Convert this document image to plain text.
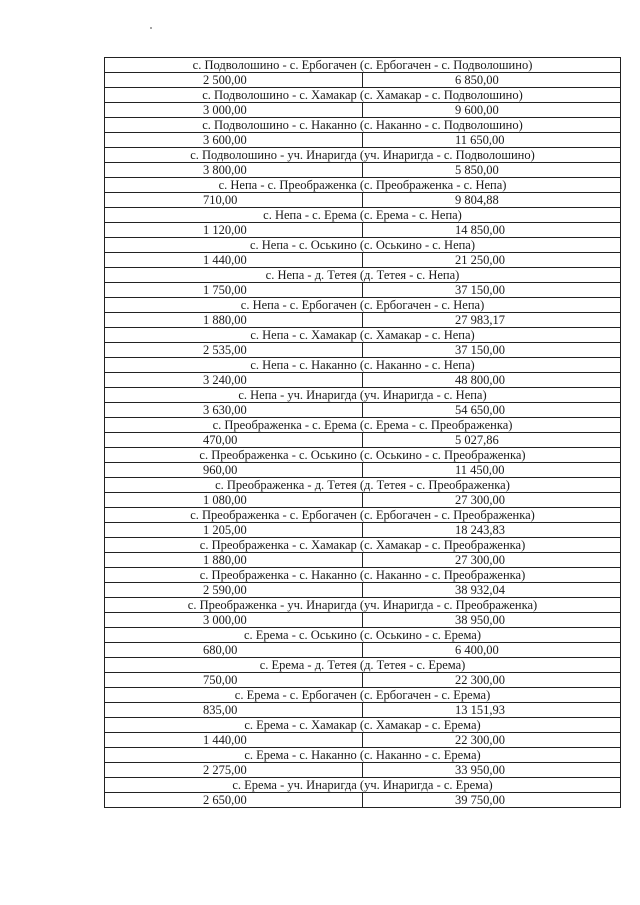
с. Подволошино - с. Ербогачен (с. Ербогачен - с. Подволошино)	
2 500,00	6 850,00
с. Подволошино - с. Хамакар (с. Хамакар - с. Подволошино)	
3 000,00	9 600,00
с. Подволошино - с. Наканно (с. Наканно - с. Подволошино)	
3 600,00	11 650,00
с. Подволошино - уч. Инаригда (уч. Инаригда - с. Подволошино)	
3 800,00	5 850,00
с. Непа - с. Преображенка (с. Преображенка - с. Непа)	
710,00	9 804,88
с. Непа - с. Ерема (с. Ерема - с. Непа)	
1 120,00	14 850,00
с. Непа - с. Оськино (с. Оськино - с. Непа)	
1 440,00	21 250,00
с. Непа - д. Тетея (д. Тетея - с. Непа)	
1 750,00	37 150,00
с. Непа - с. Ербогачен (с. Ербогачен - с. Непа)	
1 880,00	27 983,17
с. Непа - с. Хамакар (с. Хамакар - с. Непа)	
2 535,00	37 150,00
с. Непа - с. Наканно (с. Наканно - с. Непа)	
3 240,00	48 800,00
с. Непа - уч. Инаригда (уч. Инаригда - с. Непа)	
3 630,00	54 650,00
с. Преображенка - с. Ерема (с. Ерема - с. Преображенка)	
470,00	5 027,86
с. Преображенка - с. Оськино (с. Оськино - с. Преображенка)	
960,00	11 450,00
с. Преображенка - д. Тетея (д. Тетея - с. Преображенка)	
1 080,00	27 300,00
с. Преображенка - с. Ербогачен (с. Ербогачен - с. Преображенка)	
1 205,00	18 243,83
с. Преображенка - с. Хамакар (с. Хамакар - с. Преображенка)	
1 880,00	27 300,00
с. Преображенка - с. Наканно (с. Наканно - с. Преображенка)	
2 590,00	38 932,04
с. Преображенка - уч. Инаригда (уч. Инаригда - с. Преображенка)	
3 000,00	38 950,00
с. Ерема - с. Оськино (с. Оськино - с. Ерема)	
680,00	6 400,00
с. Ерема - д. Тетея (д. Тетея - с. Ерема)	
750,00	22 300,00
с. Ерема - с. Ербогачен (с. Ербогачен - с. Ерема)	
835,00	13 151,93
с. Ерема - с. Хамакар (с. Хамакар - с. Ерема)	
1 440,00	22 300,00
с. Ерема - с. Наканно (с. Наканно - с. Ерема)	
2 275,00	33 950,00
с. Ерема - уч. Инаригда (уч. Инаригда - с. Ерема)	
2 650,00	39 750,00
